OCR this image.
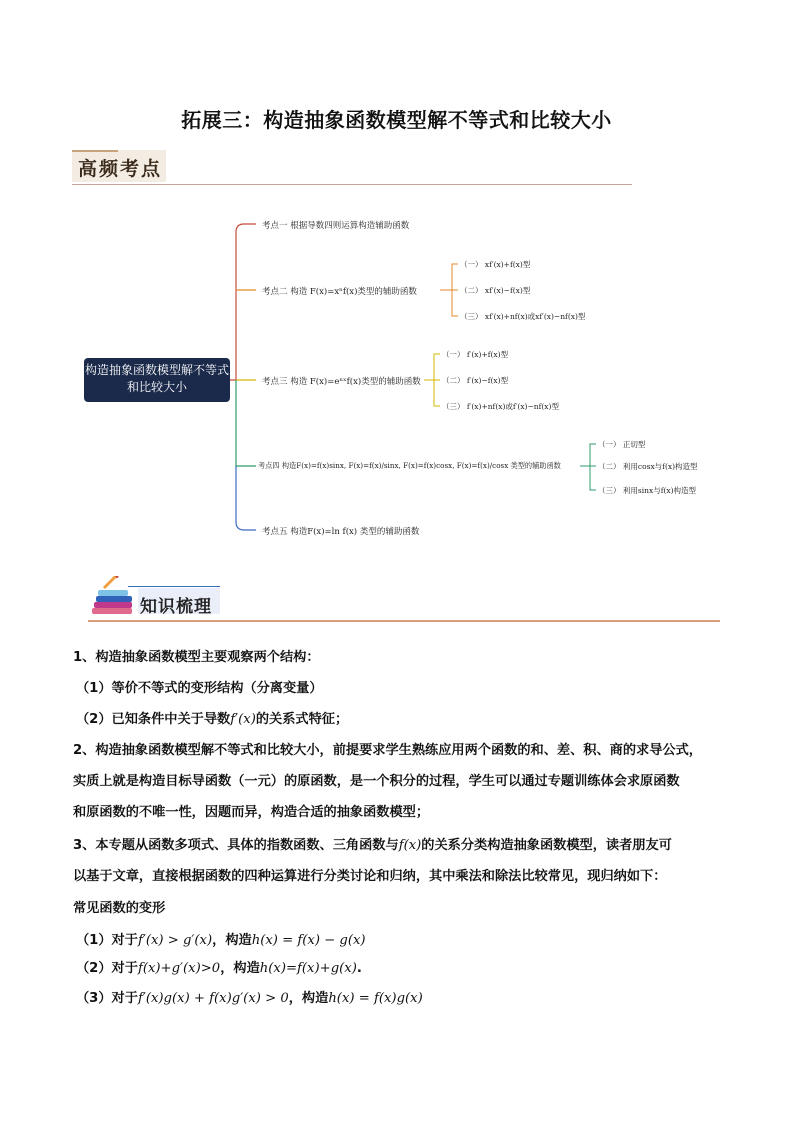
拓展三：构造抽象函数模型解不等式和比较大小
高频考点
构造抽象函数模型解不等式和比较大小
考点一 根据导数四则运算构造辅助函数
考点二 构造 F(x)=xⁿf(x)类型的辅助函数
（一） xf′(x)+f(x)型
（二） xf′(x)−f(x)型
（三） xf′(x)+nf(x)或xf′(x)−nf(x)型
考点三 构造 F(x)=eⁿˣf(x)类型的辅助函数
（一） f′(x)+f(x)型
（二） f′(x)−f(x)型
（三） f′(x)+nf(x)或f′(x)−nf(x)型
考点四 构造F(x)=f(x)sinx, F(x)=f(x)/sinx, F(x)=f(x)cosx, F(x)=f(x)/cosx 类型的辅助函数
（一） 正切型
（二） 利用cosx与f(x)构造型
（三） 利用sinx与f(x)构造型
考点五 构造F(x)=ln f(x) 类型的辅助函数
知识梳理
1、构造抽象函数模型主要观察两个结构：
（1）等价不等式的变形结构（分离变量）
（2）已知条件中关于导数f′(x)的关系式特征；
2、构造抽象函数模型解不等式和比较大小，前提要求学生熟练应用两个函数的和、差、积、商的求导公式，
实质上就是构造目标导函数（一元）的原函数，是一个积分的过程，学生可以通过专题训练体会求原函数
和原函数的不唯一性，因题而异，构造合适的抽象函数模型；
3、本专题从函数多项式、具体的指数函数、三角函数与f(x)的关系分类构造抽象函数模型，读者朋友可
以基于文章，直接根据函数的四种运算进行分类讨论和归纳，其中乘法和除法比较常见，现归纳如下：
常见函数的变形
（1）对于f′(x) > g′(x)，构造h(x) = f(x) − g(x)
（2）对于f(x)+g′(x)>0，构造h(x)=f(x)+g(x).
（3）对于f′(x)g(x) + f(x)g′(x) > 0，构造h(x) = f(x)g(x)
